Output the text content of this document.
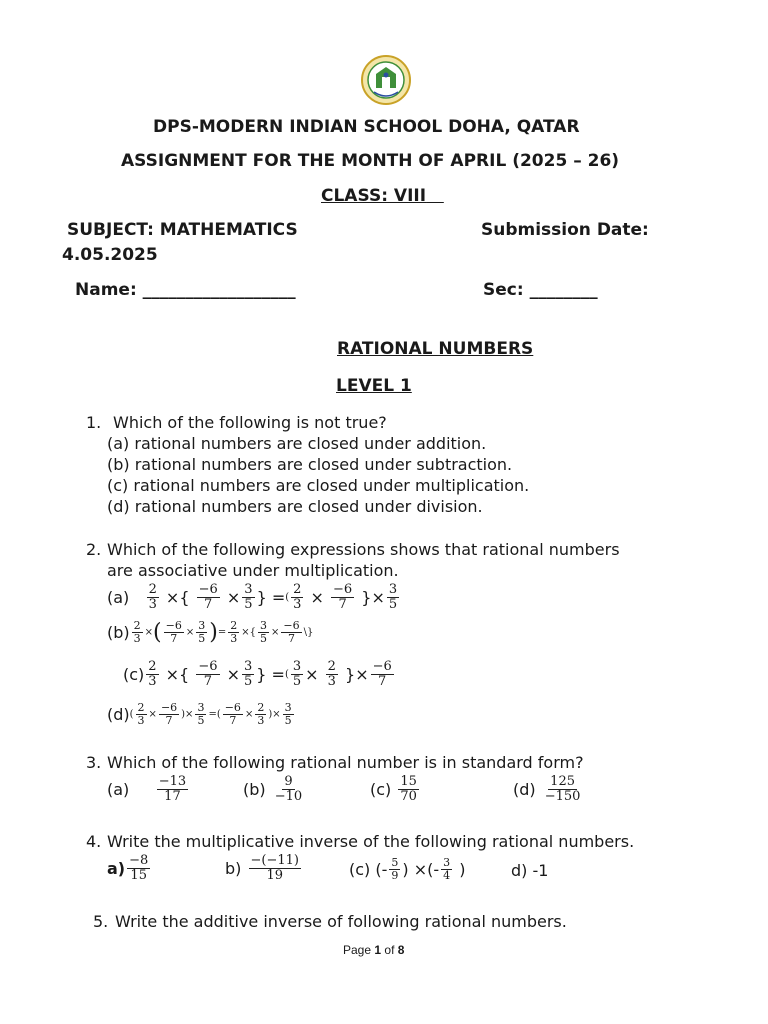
DPS-MODERN INDIAN SCHOOL DOHA, QATAR
ASSIGNMENT FOR THE MONTH OF APRIL (2025 – 26)
CLASS: VIII
SUBJECT: MATHEMATICS	Submission Date:
4.05.2025
Name: __________________	Sec: ________
RATIONAL NUMBERS
LEVEL 1
1. Which of the following is not true?
(a) rational numbers are closed under addition.
(b) rational numbers are closed under subtraction.
(c) rational numbers are closed under multiplication.
(d) rational numbers are closed under division.
2. Which of the following expressions shows that rational numbers
are associative under multiplication.
(a)
$\frac{2}{3}$ ×{ $\frac{-6}{7} \times \frac{3}{5}$ } = ( $\frac{2}{3} \times \frac{-6}{7}$ }× $\frac{3}{5}$
$(b) \frac{2}{3}$ × ( $\frac{-6}{7} \times \frac{3}{5}$ ) = $\frac{2}{3}$ ×{ $\frac{3}{5} \times \frac{-6}{7}$ \}
$(c) \frac{2}{3}$ ×{ $\frac{-6}{7} \times \frac{3}{5}$ } = ( $\frac{3}{5} \times \frac{2}{3}$ }× $\frac{-6}{7}$
(d) ( $\frac{2}{3} \times \frac{-6}{7}$ )× $\frac{3}{5}$ =( $\frac{-6}{7} \times \frac{2}{3}$ )× $\frac{3}{5}$
3. Which of the following rational number is in standard form?
(a)
$\frac{-13}{17}$	(b)
$\frac{9}{-10}$	(c)
$\frac{15}{70}$	(d)
$\frac{125}{-150}$
4. Write the multiplicative inverse of the following rational numbers.
$a) \frac{-8}{15}$	b)
$\frac{-(-11)}{19}$	(c) (- $\frac{5}{9}$ ) ×(- $\frac{3}{4}$ )	d) -1
5. Write the additive inverse of following rational numbers.
Page 1 of 8
